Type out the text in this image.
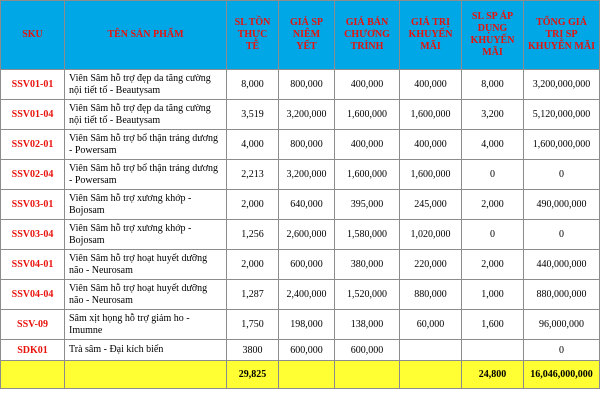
SKU	TÊN SẢN PHẨM	SL TỒN THỰC TẾ	GIÁ SP NIÊM YẾT	GIÁ BÁN CHƯƠNG TRÌNH	GIÁ TRỊ KHUYẾN MÃI	SL SP ÁP DỤNG KHUYẾN MÃI	TỔNG GIÁ TRỊ SP KHUYẾN MÃI
SSV01-01	Viên Sâm hỗ trợ đẹp da tăng cường nội tiết tố - Beautysam	8,000	800,000	400,000	400,000	8,000	3,200,000,000
SSV01-04	Viên Sâm hỗ trợ đẹp da tăng cường nội tiết tố - Beautysam	3,519	3,200,000	1,600,000	1,600,000	3,200	5,120,000,000
SSV02-01	Viên Sâm hỗ trợ bổ thận tráng dương - Powersam	4,000	800,000	400,000	400,000	4,000	1,600,000,000
SSV02-04	Viên Sâm hỗ trợ bổ thận tráng dương - Powersam	2,213	3,200,000	1,600,000	1,600,000	0	0
SSV03-01	Viên Sâm hỗ trợ xương khớp - Bojosam	2,000	640,000	395,000	245,000	2,000	490,000,000
SSV03-04	Viên Sâm hỗ trợ xương khớp - Bojosam	1,256	2,600,000	1,580,000	1,020,000	0	0
SSV04-01	Viên Sâm hỗ trợ hoạt huyết dưỡng não - Neurosam	2,000	600,000	380,000	220,000	2,000	440,000,000
SSV04-04	Viên Sâm hỗ trợ hoạt huyết dưỡng não - Neurosam	1,287	2,400,000	1,520,000	880,000	1,000	880,000,000
SSV-09	Sâm xịt họng hỗ trợ giảm ho - Imumne	1,750	198,000	138,000	60,000	1,600	96,000,000
SDK01	Trà sâm - Đại kích biển	3800	600,000	600,000			0
		29,825				24,800	16,046,000,000
